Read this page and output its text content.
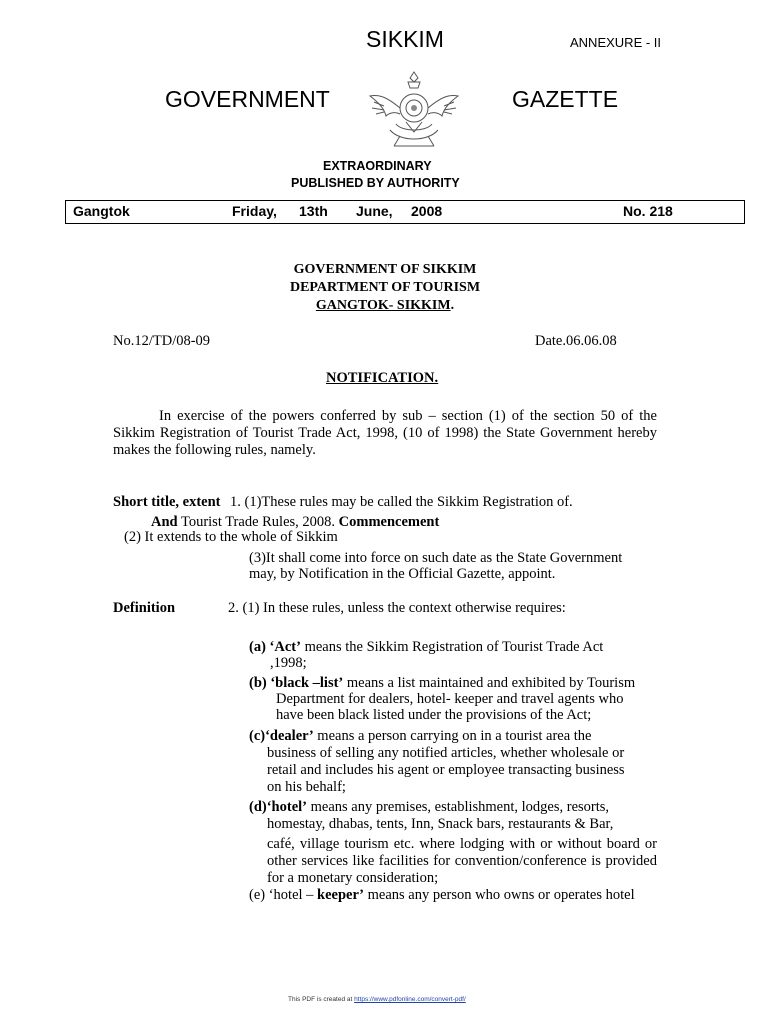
SIKKIM	ANNEXURE - II
GOVERNMENT	GAZETTE
EXTRAORDINARY
PUBLISHED BY AUTHORITY
Gangtok	Friday, 13th June, 2008	No. 218
GOVERNMENT OF SIKKIM
DEPARTMENT OF TOURISM
GANGTOK- SIKKIM.
No.12/TD/08-09	Date.06.06.08
NOTIFICATION.
In exercise of the powers conferred by sub – section (1) of the section 50 of the Sikkim Registration of Tourist Trade Act, 1998, (10 of 1998) the State Government hereby makes the following rules, namely.
Short title, extent 1. (1)These rules may be called the Sikkim Registration of.
And Tourist Trade Rules, 2008. Commencement
(2) It extends to the whole of Sikkim
(3)It shall come into force on such date as the State Government
may, by Notification in the Official Gazette, appoint.
Definition	2. (1) In these rules, unless the context otherwise requires:
(a) ‘Act’ means the Sikkim Registration of Tourist Trade Act
,1998;
(b) ‘black –list’ means a list maintained and exhibited by Tourism
Department for dealers, hotel- keeper and travel agents who
have been black listed under the provisions of the Act;
(c)‘dealer’ means a person carrying on in a tourist area the
business of selling any notified articles, whether wholesale or
retail and includes his agent or employee transacting business
on his behalf;
(d)‘hotel’ means any premises, establishment, lodges, resorts,
homestay, dhabas, tents, Inn, Snack bars, restaurants & Bar,
café, village tourism etc. where lodging with or without board or other services like facilities for convention/conference is provided for a monetary consideration;
(e) ‘hotel – keeper’ means any person who owns or operates hotel
This PDF is created at https://www.pdfonline.com/convert-pdf/
